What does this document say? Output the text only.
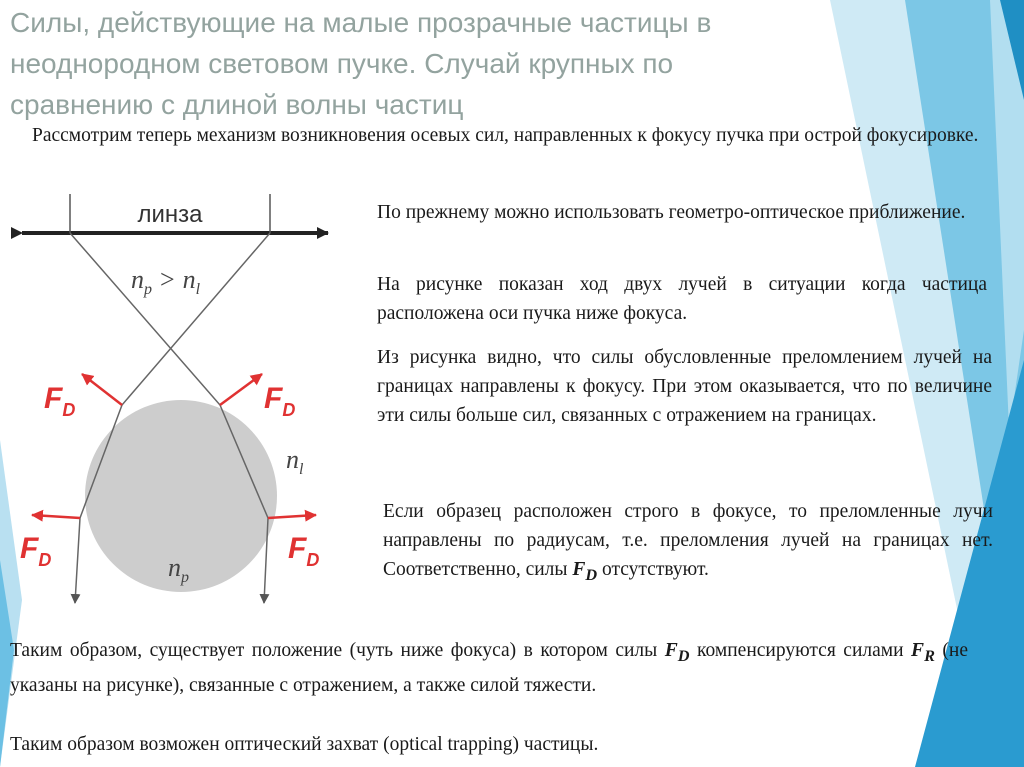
Силы, действующие на малые прозрачные частицы в неоднородном световом пучке. Случай крупных по сравнению с длиной волны частиц

Рассмотрим теперь механизм возникновения осевых сил, направленных к фокусу пучка при острой фокусировке.

линза
$n_p > n_l$
$n_l$
$n_p$
$F_D$	$F_D$
$F_D$	$F_D$

По прежнему можно использовать геометро-оптическое приближение.

На рисунке показан ход двух лучей в ситуации когда частица расположена оси пучка ниже фокуса.

Из рисунка видно, что силы обусловленные преломлением лучей на границах направлены к фокусу. При этом оказывается, что по величине эти силы больше сил, связанных с отражением на границах.

Если образец расположен строго в фокусе, то преломленные лучи направлены по радиусам, т.е. преломления лучей на границах нет. Соответственно, силы $F_D$ отсутствуют.

Таким образом, существует положение (чуть ниже фокуса) в котором силы $F_D$ компенсируются силами $F_R$ (не указаны на рисунке), связанные с отражением, а также силой тяжести.

Таким образом возможен оптический захват (optical trapping) частицы.
